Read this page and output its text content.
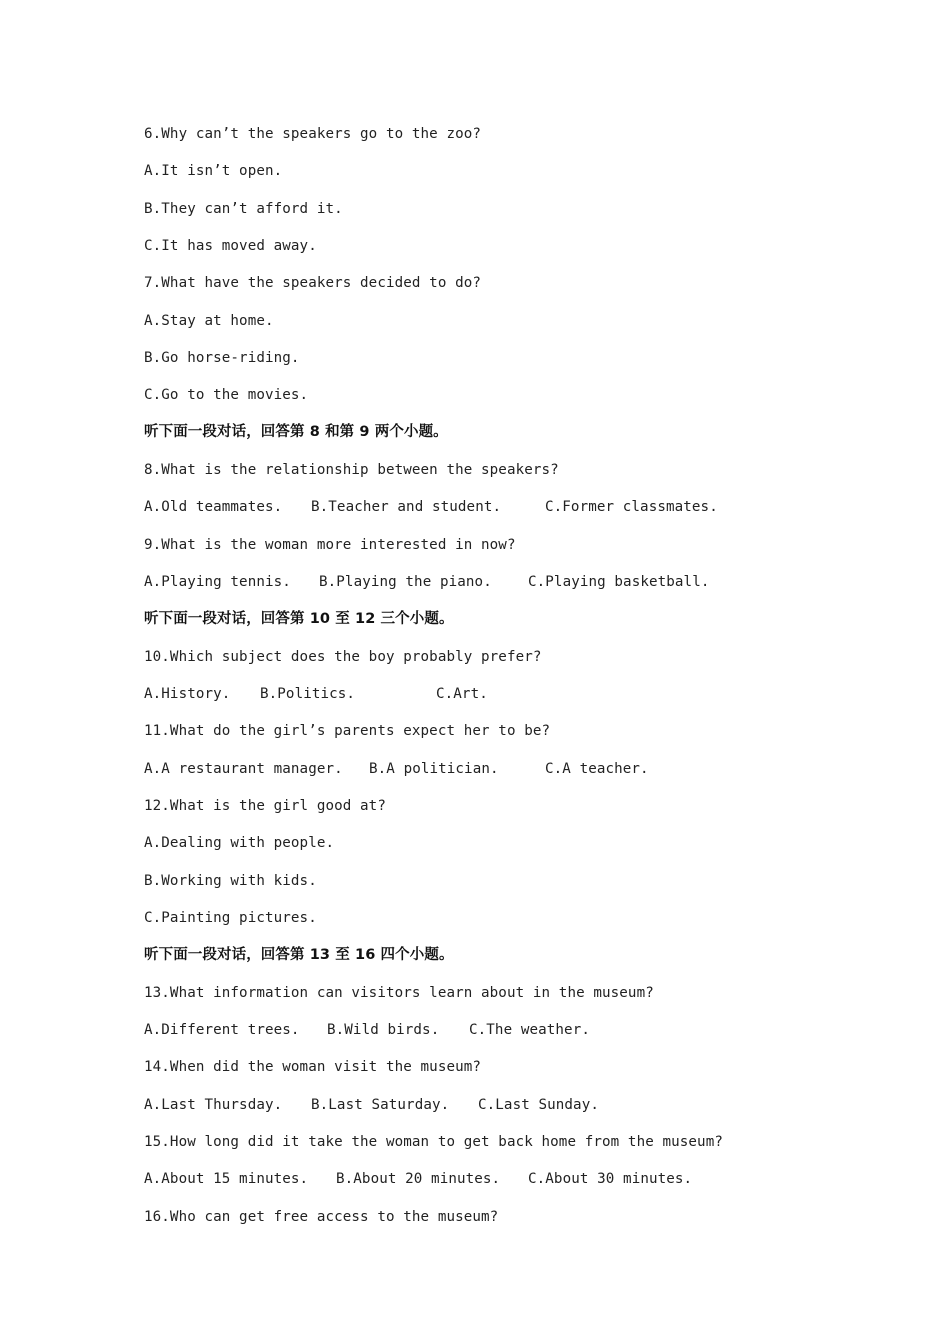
6.Why can’t the speakers go to the zoo?
A.It isn’t open.
B.They can’t afford it.
C.It has moved away.
7.What have the speakers decided to do?
A.Stay at home.
B.Go horse-riding.
C.Go to the movies.
听下面一段对话，回答第 8 和第 9 两个小题。
8.What is the relationship between the speakers?

A.Old teammates.

B.Teacher and student.

	C.Former classmates.

9.What is the woman more interested in now?

A.Playing tennis.

B.Playing the piano.

	C.Playing basketball.

听下面一段对话，回答第 10 至 12 三个小题。
10.Which subject does the boy probably prefer?

A.History.

B.Politics.

	C.Art.

11.What do the girl’s parents expect her to be?

A.A restaurant manager.

B.A politician.

	C.A teacher.

12.What is the girl good at?
A.Dealing with people.
B.Working with kids.
C.Painting pictures.
听下面一段对话，回答第 13 至 16 四个小题。
13.What information can visitors learn about in the museum?

A.Different trees.

B.Wild birds.

C.The weather.

14.When did the woman visit the museum?

A.Last Thursday.

B.Last Saturday.

C.Last Sunday.

15.How long did it take the woman to get back home from the museum?

A.About 15 minutes.

B.About 20 minutes.

C.About 30 minutes.

16.Who can get free access to the museum?
